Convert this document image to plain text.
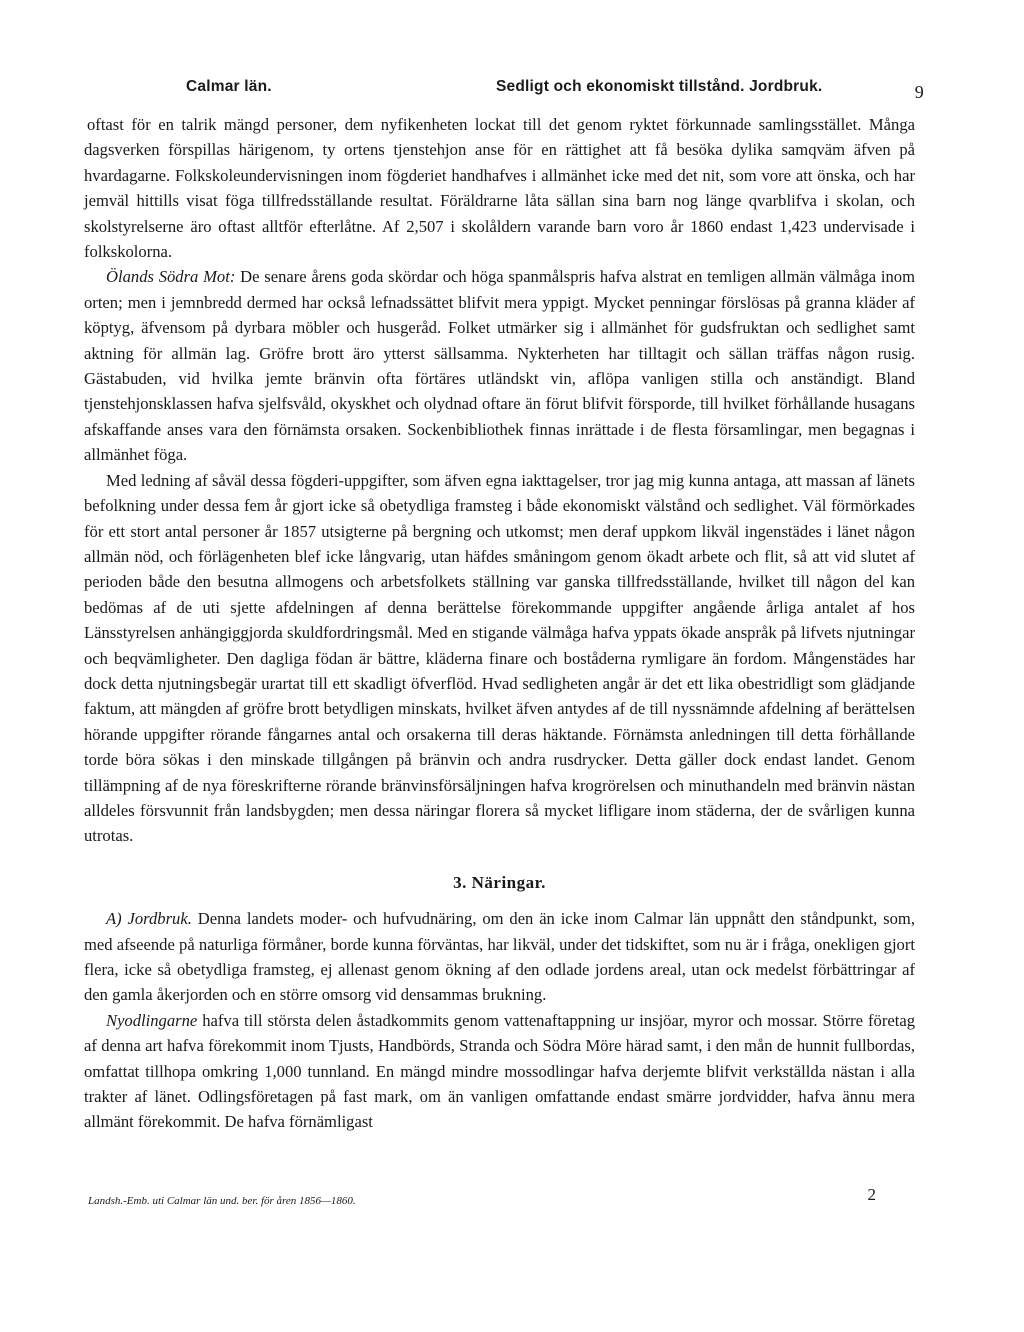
Calmar län.	Sedligt och ekonomiskt tillstånd. Jordbruk.	9

oftast för en talrik mängd personer, dem nyfikenheten lockat till det genom ryktet förkunnade samlingsstället. Många dagsverken förspillas härigenom, ty ortens tjenstehjon anse för en rättighet att få besöka dylika samqväm äfven på hvardagarne. Folkskoleundervisningen inom fögderiet handhafves i allmänhet icke med det nit, som vore att önska, och har jemväl hittills visat föga tillfredsställande resultat. Föräldrarne låta sällan sina barn nog länge qvarblifva i skolan, och skolstyrelserne äro oftast alltför efterlåtne. Af 2,507 i skolåldern varande barn voro år 1860 endast 1,423 undervisade i folkskolorna.

Ölands Södra Mot: De senare årens goda skördar och höga spanmålspris hafva alstrat en temligen allmän välmåga inom orten; men i jemnbredd dermed har också lefnadssättet blifvit mera yppigt. Mycket penningar förslösas på granna kläder af köptyg, äfvensom på dyrbara möbler och husgeråd. Folket utmärker sig i allmänhet för gudsfruktan och sedlighet samt aktning för allmän lag. Gröfre brott äro ytterst sällsamma. Nykterheten har tilltagit och sällan träffas någon rusig. Gästabuden, vid hvilka jemte bränvin ofta förtäres utländskt vin, aflöpa vanligen stilla och anständigt. Bland tjenstehjonsklassen hafva sjelfsvåld, okyskhet och olydnad oftare än förut blifvit försporde, till hvilket förhållande husagans afskaffande anses vara den förnämsta orsaken. Sockenbibliothek finnas inrättade i de flesta församlingar, men begagnas i allmänhet föga.

Med ledning af såväl dessa fögderi-uppgifter, som äfven egna iakttagelser, tror jag mig kunna antaga, att massan af länets befolkning under dessa fem år gjort icke så obetydliga framsteg i både ekonomiskt välstånd och sedlighet. Väl förmörkades för ett stort antal personer år 1857 utsigterne på bergning och utkomst; men deraf uppkom likväl ingenstädes i länet någon allmän nöd, och förlägenheten blef icke långvarig, utan häfdes småningom genom ökadt arbete och flit, så att vid slutet af perioden både den besutna allmogens och arbetsfolkets ställning var ganska tillfredsställande, hvilket till någon del kan bedömas af de uti sjette afdelningen af denna berättelse förekommande uppgifter angående årliga antalet af hos Länsstyrelsen anhängiggjorda skuldfordringsmål. Med en stigande välmåga hafva yppats ökade anspråk på lifvets njutningar och beqvämligheter. Den dagliga födan är bättre, kläderna finare och boståderna rymligare än fordom. Mångenstädes har dock detta njutningsbegär urartat till ett skadligt öfverflöd. Hvad sedligheten angår är det ett lika obestridligt som glädjande faktum, att mängden af gröfre brott betydligen minskats, hvilket äfven antydes af de till nyssnämnde afdelning af berättelsen hörande uppgifter rörande fångarnes antal och orsakerna till deras häktande. Förnämsta anledningen till detta förhållande torde böra sökas i den minskade tillgången på bränvin och andra rusdrycker. Detta gäller dock endast landet. Genom tillämpning af de nya föreskrifterne rörande bränvinsförsäljningen hafva krogrörelsen och minuthandeln med bränvin nästan alldeles försvunnit från landsbygden; men dessa näringar florera så mycket lifligare inom städerna, der de svårligen kunna utrotas.

3. Näringar.

A) Jordbruk. Denna landets moder- och hufvudnäring, om den än icke inom Calmar län uppnått den ståndpunkt, som, med afseende på naturliga förmåner, borde kunna förväntas, har likväl, under det tidskiftet, som nu är i fråga, onekligen gjort flera, icke så obetydliga framsteg, ej allenast genom ökning af den odlade jordens areal, utan ock medelst förbättringar af den gamla åkerjorden och en större omsorg vid densammas brukning.

Nyodlingarne hafva till största delen åstadkommits genom vattenaftappning ur insjöar, myror och mossar. Större företag af denna art hafva förekommit inom Tjusts, Handbörds, Stranda och Södra Möre härad samt, i den mån de hunnit fullbordas, omfattat tillhopa omkring 1,000 tunnland. En mängd mindre mossodlingar hafva derjemte blifvit verkställda nästan i alla trakter af länet. Odlingsföretagen på fast mark, om än vanligen omfattande endast smärre jordvidder, hafva ännu mera allmänt förekommit. De hafva förnämligast

Landsh.-Emb. uti Calmar län und. ber. för åren 1856—1860.	2
